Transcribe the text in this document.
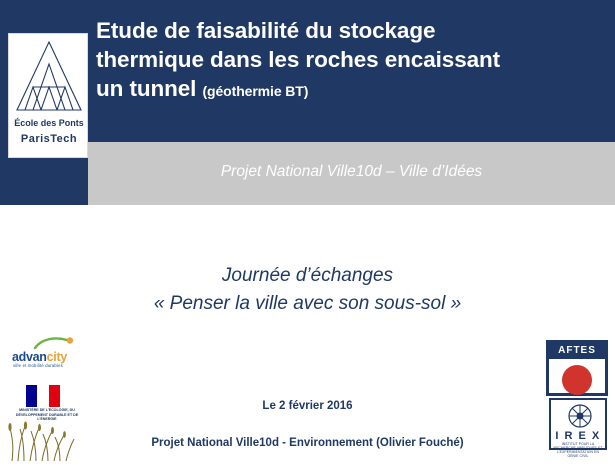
Etude de faisabilité du stockage
thermique dans les roches encaissant
un tunnel (géothermie BT)
Projet National Ville10d – Ville d’Idées
École des Ponts
ParisTech
Journée d’échanges
« Penser la ville avec son sous-sol »
Le 2 février 2016
Projet National Ville10d - Environnement (Olivier Fouché)
advancity
ville et mobilité durables
MINISTÈRE DE L’ÉCOLOGIE, DU DÉVELOPPEMENT DURABLE ET DE L’ÉNERGIE
AFTES
I R E X
INSTITUT POUR LA RECHERCHE APPLIQUÉE ET L’EXPÉRIMENTATION EN GÉNIE CIVIL
